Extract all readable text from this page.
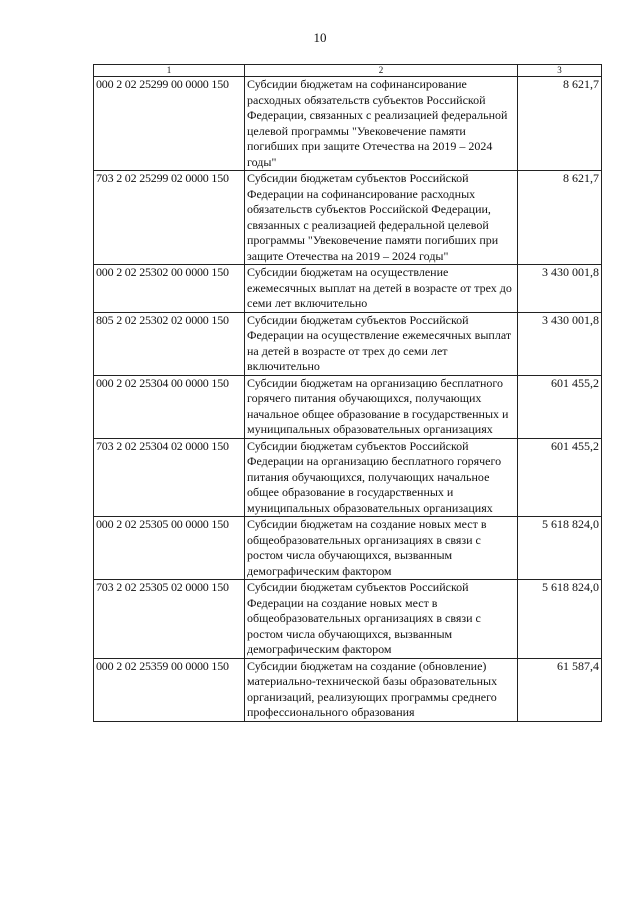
10
1	2	3
000 2 02 25299 00 0000 150	Субсидии бюджетам на софинансирование расходных обязательств субъектов Российской Федерации, связанных с реализацией федеральной целевой программы "Увековечение памяти погибших при защите Отечества на 2019 – 2024 годы"	8 621,7
703 2 02 25299 02 0000 150	Субсидии бюджетам субъектов Российской Федерации на софинансирование расходных обязательств субъектов Российской Федерации, связанных с реализацией федеральной целевой программы "Увековечение памяти погибших при защите Отечества на 2019 – 2024 годы"	8 621,7
000 2 02 25302 00 0000 150	Субсидии бюджетам на осуществление ежемесячных выплат на детей в возрасте от трех до семи лет включительно	3 430 001,8
805 2 02 25302 02 0000 150	Субсидии бюджетам субъектов Российской Федерации на осуществление ежемесячных выплат на детей в возрасте от трех до семи лет включительно	3 430 001,8
000 2 02 25304 00 0000 150	Субсидии бюджетам на организацию бесплатного горячего питания обучающихся, получающих начальное общее образование в государственных и муниципальных образовательных организациях	601 455,2
703 2 02 25304 02 0000 150	Субсидии бюджетам субъектов Российской Федерации на организацию бесплатного горячего питания обучающихся, получающих начальное общее образование в государственных и муниципальных образовательных организациях	601 455,2
000 2 02 25305 00 0000 150	Субсидии бюджетам на создание новых мест в общеобразовательных организациях в связи с ростом числа обучающихся, вызванным демографическим фактором	5 618 824,0
703 2 02 25305 02 0000 150	Субсидии бюджетам субъектов Российской Федерации на создание новых мест в общеобразовательных организациях в связи с ростом числа обучающихся, вызванным демографическим фактором	5 618 824,0
000 2 02 25359 00 0000 150	Субсидии бюджетам на создание (обновление) материально-технической базы образовательных организаций, реализующих программы среднего профессионального образования	61 587,4
